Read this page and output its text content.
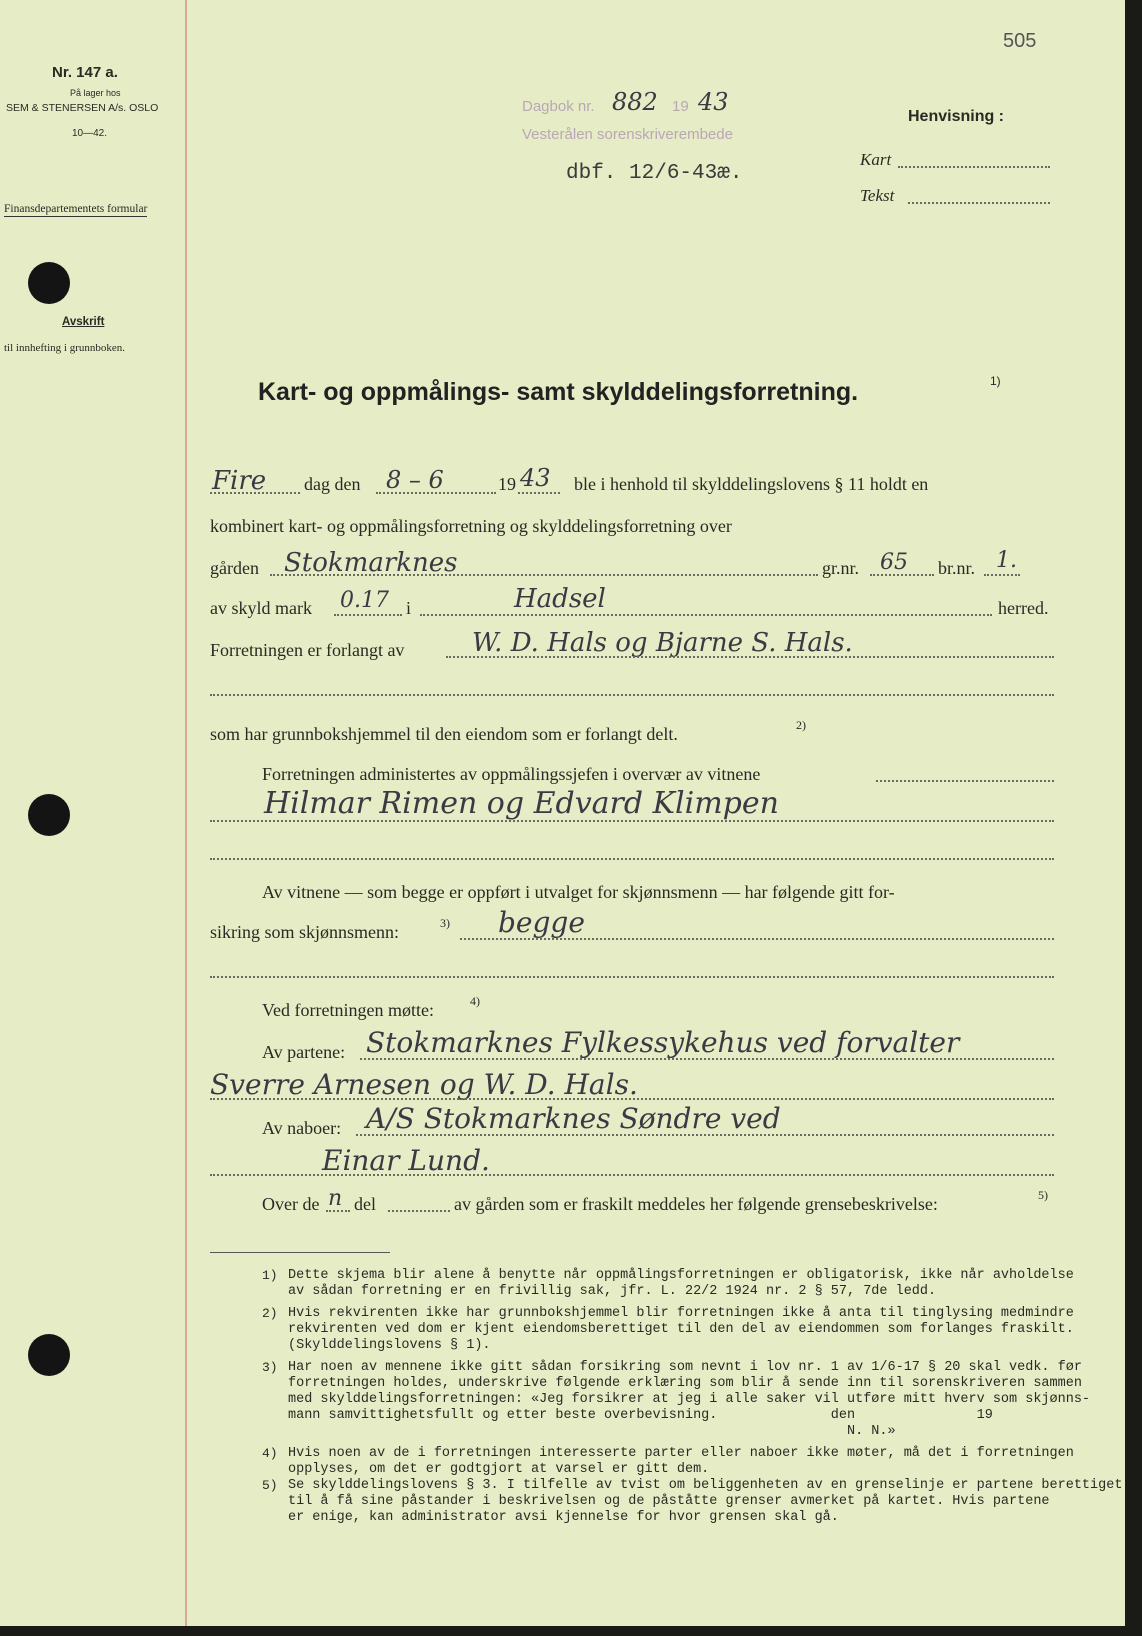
505
Nr. 147 a.
På lager hos
SEM & STENERSEN A/s. OSLO
10—42.
Finansdepartementets formular
Avskrift
til innhefting i grunnboken.
Dagbok nr. 882 19 43
Vesterålen sorenskriverembede
dbf. 12/6-43æ.
Henvisning :
Kart
Tekst
Kart- og oppmålings- samt skylddelingsforretning.	1)
Fire dag den 8 – 6	19 43 ble i henhold til skylddelingslovens § 11 holdt en
kombinert kart- og oppmålingsforretning og skylddelingsforretning over
gården Stokmarknes	gr.nr. 65 br.nr. 1.
av skyld mark 0.17 i	Hadsel	herred.
Forretningen er forlangt av	W. D. Hals og Bjarne S. Hals.
som har grunnbokshjemmel til den eiendom som er forlangt delt.	2)
Forretningen administertes av oppmålingssjefen i overvær av vitnene
Hilmar Rimen og Edvard Klimpen
Av vitnene — som begge er oppført i utvalget for skjønnsmenn — har følgende gitt for-
sikring som skjønnsmenn:	3) begge
Ved forretningen møtte:	4)
Av partene: Stokmarknes Fylkessykehus ved forvalter
Sverre Arnesen og W. D. Hals.
Av naboer: A/S Stokmarknes Søndre ved
Einar Lund.
Over de n del	av gården som er fraskilt meddeles her følgende grensebeskrivelse:	5)
1) Dette skjema blir alene å benytte når oppmålingsforretningen er obligatorisk, ikke når avholdelse
av sådan forretning er en frivillig sak, jfr. L. 22/2 1924 nr. 2 § 57, 7de ledd.
2) Hvis rekvirenten ikke har grunnbokshjemmel blir forretningen ikke å anta til tinglysing medmindre
rekvirenten ved dom er kjent eiendomsberettiget til den del av eiendommen som forlanges fraskilt.
(Skylddelingslovens § 1).
3) Har noen av mennene ikke gitt sådan forsikring som nevnt i lov nr. 1 av 1/6-17 § 20 skal vedk. før
forretningen holdes, underskrive følgende erklæring som blir å sende inn til sorenskriveren sammen
med skylddelingsforretningen: «Jeg forsikrer at jeg i alle saker vil utføre mitt hverv som skjønns-
mann samvittighetsfullt og etter beste overbevisning.              den               19
N. N.»
4) Hvis noen av de i forretningen interesserte parter eller naboer ikke møter, må det i forretningen
opplyses, om det er godtgjort at varsel er gitt dem.
5) Se skylddelingslovens § 3. I tilfelle av tvist om beliggenheten av en grenselinje er partene berettiget
til å få sine påstander i beskrivelsen og de påståtte grenser avmerket på kartet. Hvis partene
er enige, kan administrator avsi kjennelse for hvor grensen skal gå.
